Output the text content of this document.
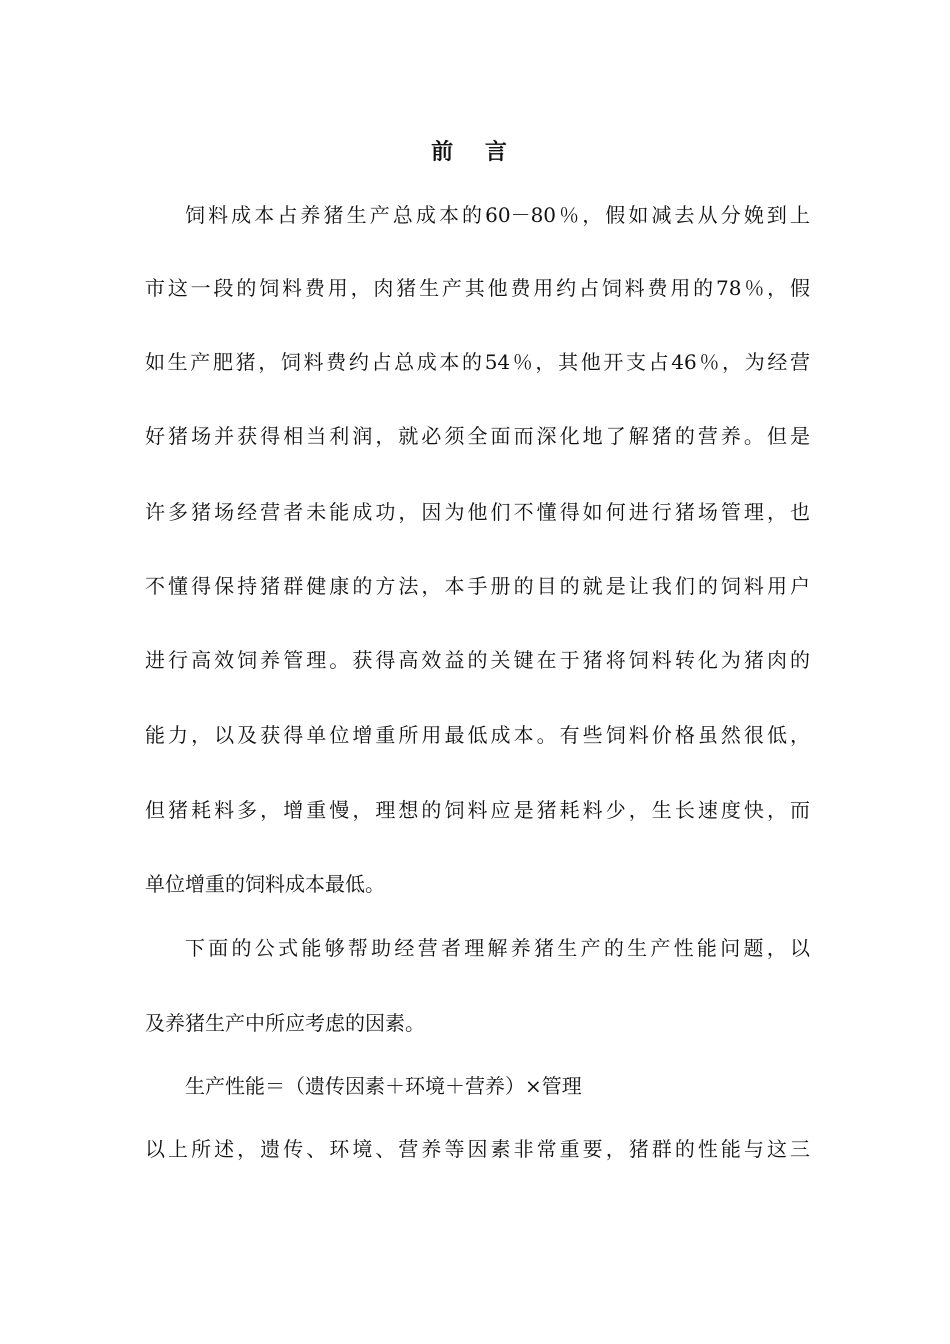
前 言
饲料成本占养猪生产总成本的60－80％，假如减去从分娩到上
市这一段的饲料费用，肉猪生产其他费用约占饲料费用的78％，假
如生产肥猪，饲料费约占总成本的54％，其他开支占46％，为经营
好猪场并获得相当利润，就必须全面而深化地了解猪的营养。但是
许多猪场经营者未能成功，因为他们不懂得如何进行猪场管理，也
不懂得保持猪群健康的方法，本手册的目的就是让我们的饲料用户
进行高效饲养管理。获得高效益的关键在于猪将饲料转化为猪肉的
能力，以及获得单位增重所用最低成本。有些饲料价格虽然很低，
但猪耗料多，增重慢，理想的饲料应是猪耗料少，生长速度快，而
单位增重的饲料成本最低。
下面的公式能够帮助经营者理解养猪生产的生产性能问题，以
及养猪生产中所应考虑的因素。
生产性能＝（遗传因素＋环境＋营养）×管理
以上所述，遗传、环境、营养等因素非常重要，猪群的性能与这三
